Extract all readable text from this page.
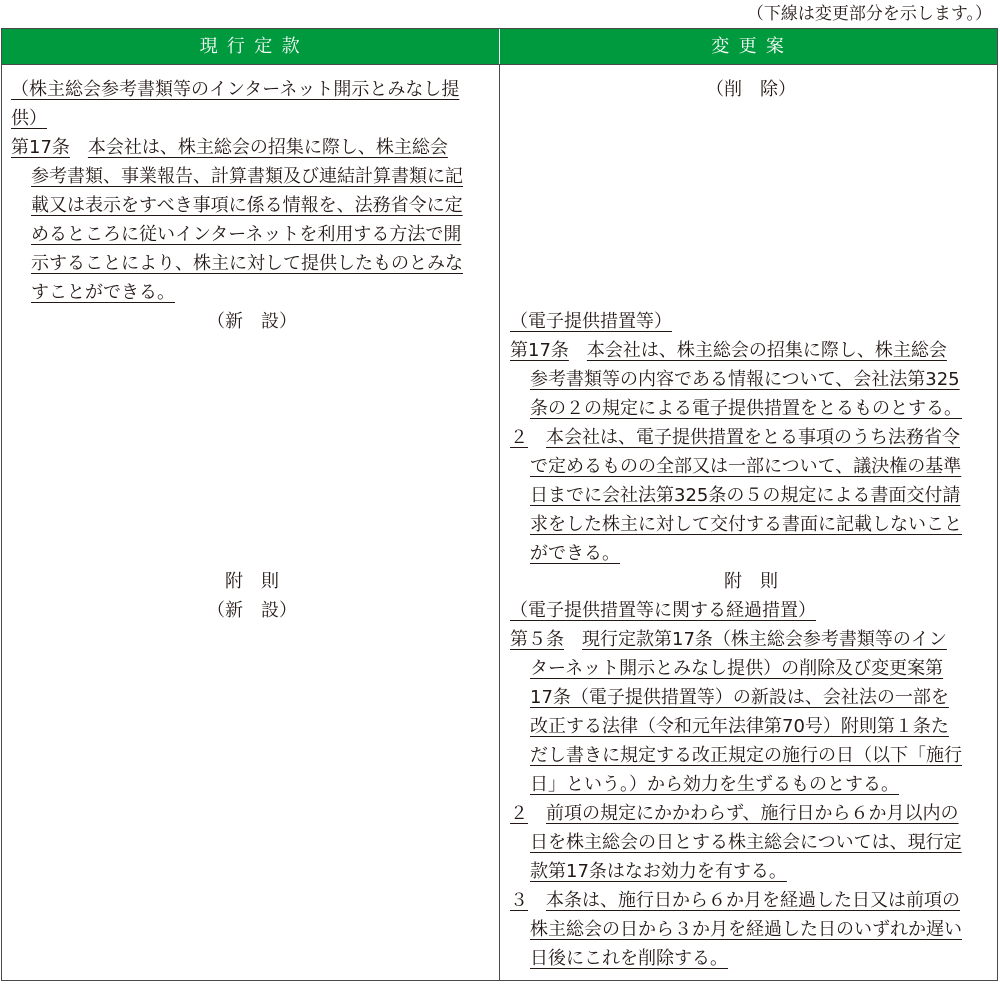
（下線は変更部分を示します。）
現 行 定 款	変 更 案
（株主総会参考書類等のインターネット開示とみなし提
供）
第17条　 本会社は、株主総会の招集に際し、株主総会
参考書類、事業報告、計算書類及び連結計算書類に記
載又は表示をすべき事項に係る情報を、法務省令に定
めるところに従いインターネットを利用する方法で開
示することにより、株主に対して提供したものとみな
すことができる。
（新　設）
附　則
（新　設）
（削　除）
（電子提供措置等）
第17条　 本会社は、株主総会の招集に際し、株主総会
参考書類等の内容である情報について、会社法第325
条の２の規定による電子提供措置をとるものとする。
２　 本会社は、電子提供措置をとる事項のうち法務省令
で定めるものの全部又は一部について、議決権の基準
日までに会社法第325条の５の規定による書面交付請
求をした株主に対して交付する書面に記載しないこと
ができる。
附　則
（電子提供措置等に関する経過措置）
第５条　 現行定款第17条（株主総会参考書類等のイン
ターネット開示とみなし提供）の削除及び変更案第
17条（電子提供措置等）の新設は、会社法の一部を
改正する法律（令和元年法律第70号）附則第１条た
だし書きに規定する改正規定の施行の日（以下「施行
日」という。）から効力を生ずるものとする。
２　 前項の規定にかかわらず、施行日から６か月以内の
日を株主総会の日とする株主総会については、現行定
款第17条はなお効力を有する。
３　 本条は、施行日から６か月を経過した日又は前項の
株主総会の日から３か月を経過した日のいずれか遅い
日後にこれを削除する。
